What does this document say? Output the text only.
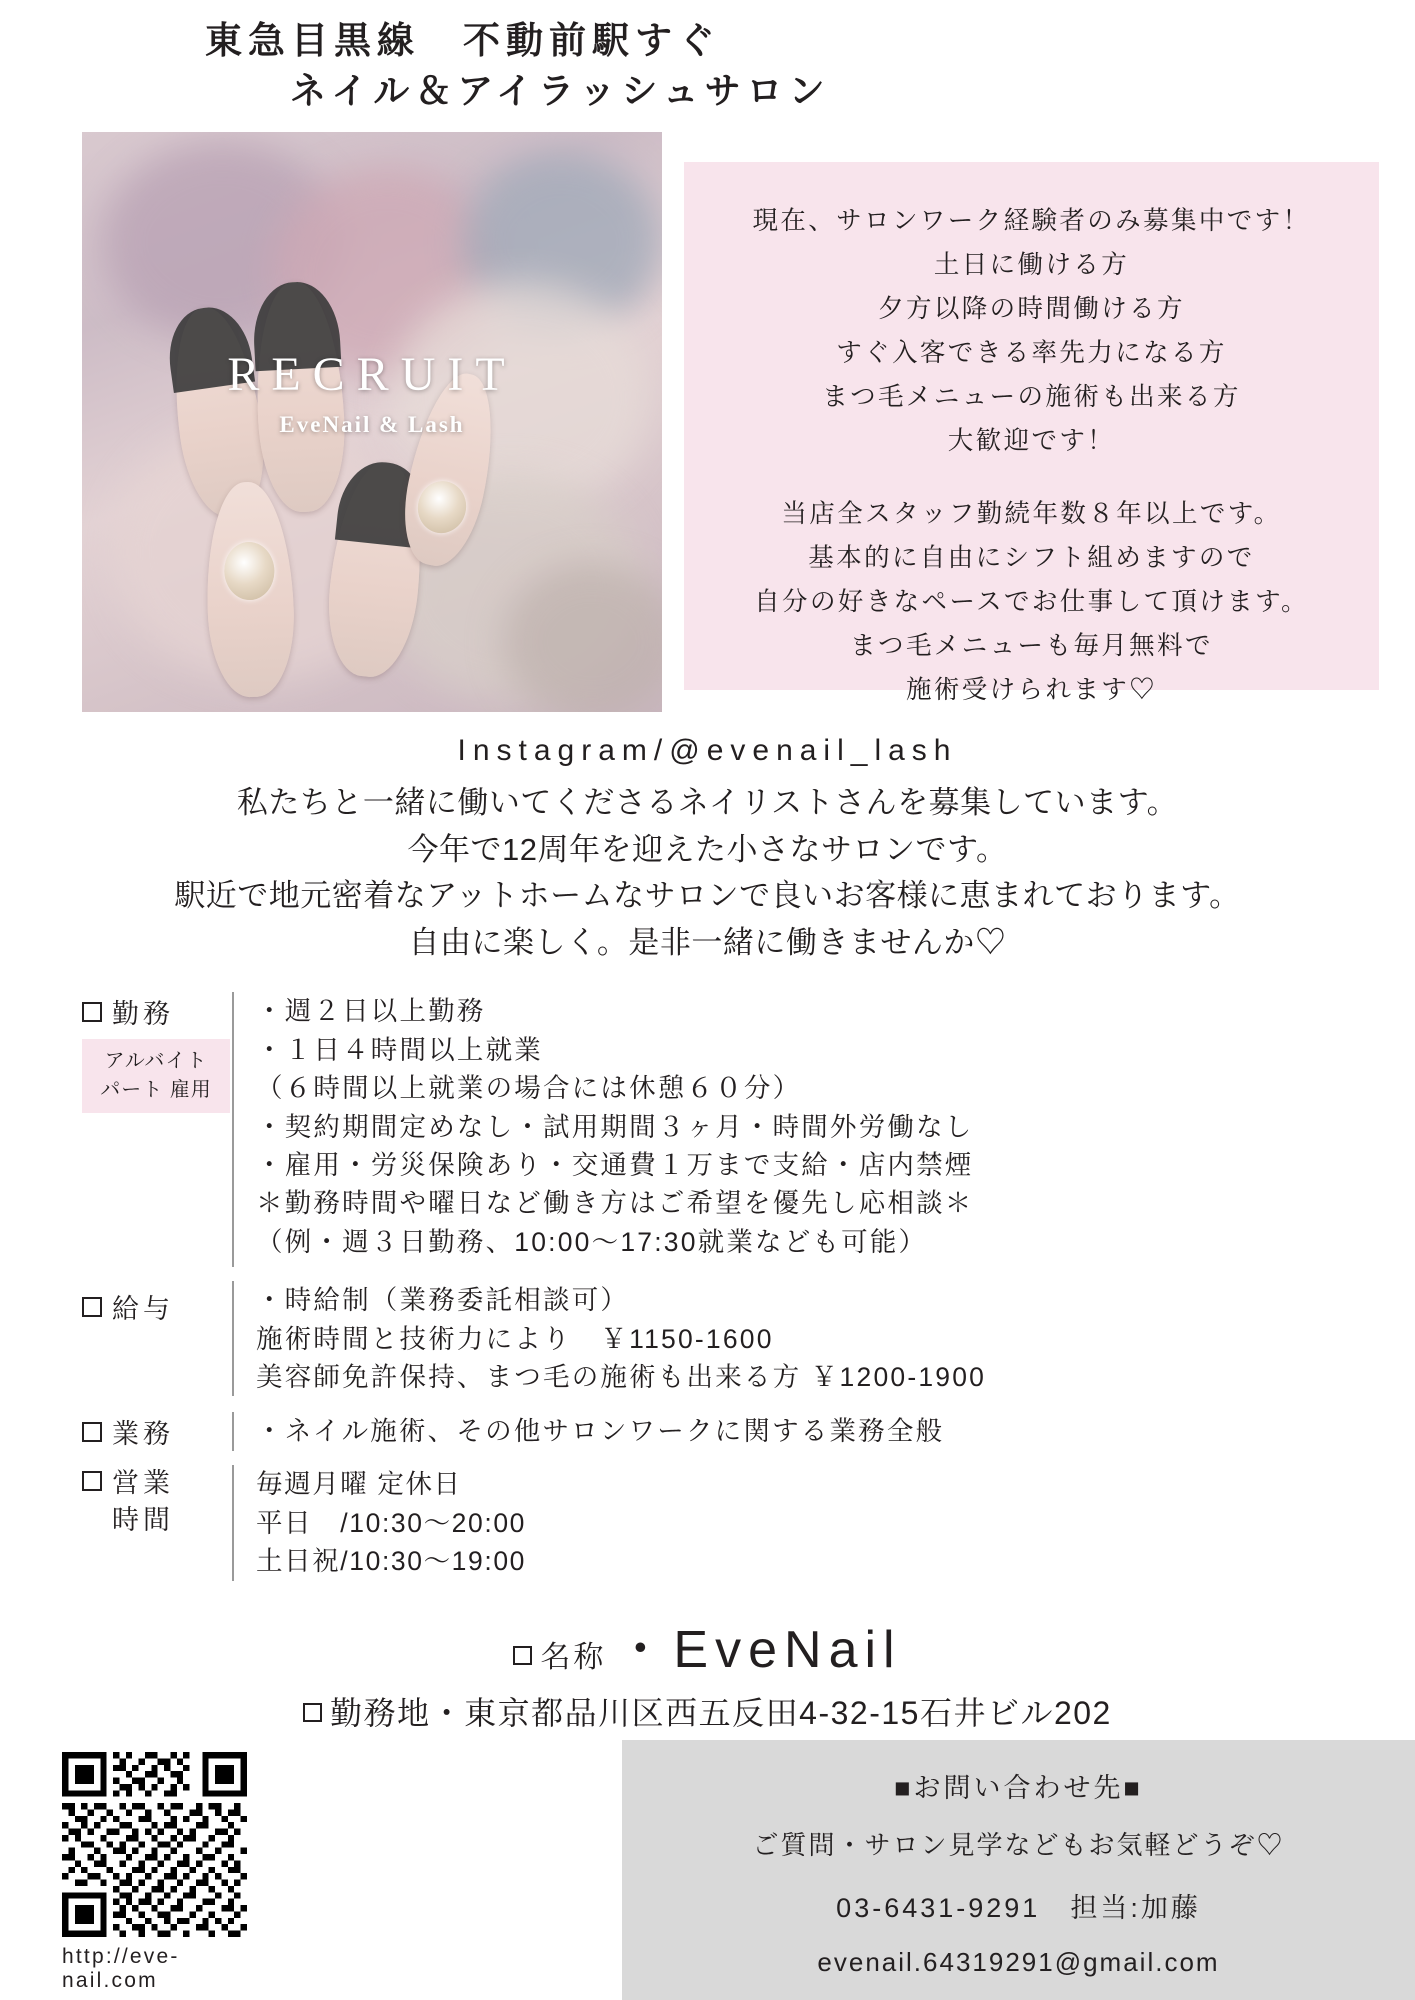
東急目黒線　不動前駅すぐ
ネイル＆アイラッシュサロン
RECRUIT
EveNail & Lash
現在、サロンワーク経験者のみ募集中です！
土日に働ける方
夕方以降の時間働ける方
すぐ入客できる率先力になる方
まつ毛メニューの施術も出来る方
大歓迎です！
当店全スタッフ勤続年数８年以上です。
基本的に自由にシフト組めますので
自分の好きなペースでお仕事して頂けます。
まつ毛メニューも毎月無料で
施術受けられます♡
Instagram/@evenail_lash
私たちと一緒に働いてくださるネイリストさんを募集しています。
今年で12周年を迎えた小さなサロンです。
駅近で地元密着なアットホームなサロンで良いお客様に恵まれております。
自由に楽しく。是非一緒に働きませんか♡
勤務
アルバイト
パート 雇用

・週２日以上勤務

・１日４時間以上就業

（６時間以上就業の場合には休憩６０分）

・契約期間定めなし・試用期間３ヶ月・時間外労働なし

・雇用・労災保険あり・交通費１万まで支給・店内禁煙

＊勤務時間や曜日など働き方はご希望を優先し応相談＊

（例・週３日勤務、10:00〜17:30就業なども可能）

給与	・時給制（業務委託相談可）

施術時間と技術力により　￥1150-1600

美容師免許保持、まつ毛の施術も出来る方 ￥1200-1900

業務	・ネイル施術、その他サロンワークに関する業務全般

営業
時間

毎週月曜 定休日

平日　/10:30〜20:00

土日祝/10:30〜19:00

名称 ・EveNail
勤務地・東京都品川区西五反田4-32-15石井ビル202
http://eve-nail.com
■お問い合わせ先■
ご質問・サロン見学などもお気軽どうぞ♡
03-6431-9291　担当:加藤
evenail.64319291@gmail.com
